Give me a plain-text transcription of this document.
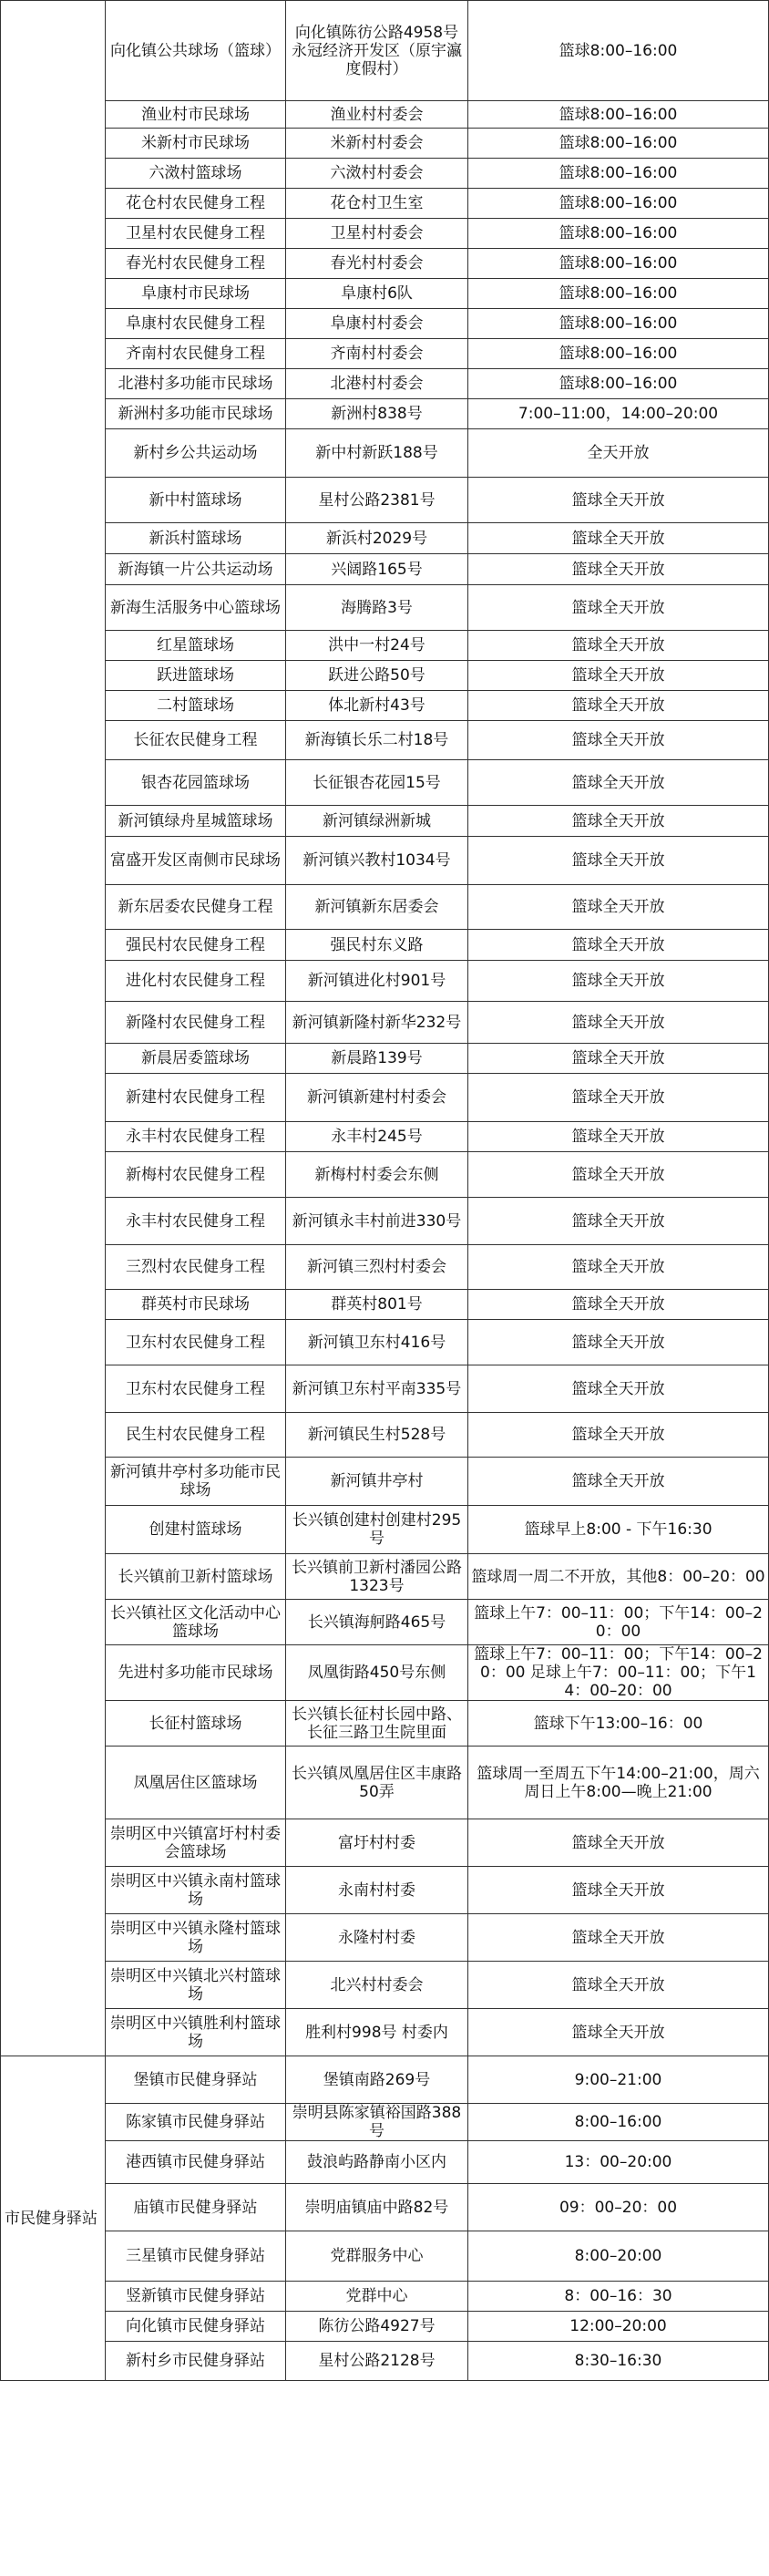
	向化镇公共球场（篮球）	向化镇陈彷公路4958号永冠经济开发区（原宇瀛度假村）	篮球8:00–16:00
	渔业村市民球场	渔业村村委会	篮球8:00–16:00
	米新村市民球场	米新村村委会	篮球8:00–16:00
	六滧村篮球场	六滧村村委会	篮球8:00–16:00
	花仓村农民健身工程	花仓村卫生室	篮球8:00–16:00
	卫星村农民健身工程	卫星村村委会	篮球8:00–16:00
	春光村农民健身工程	春光村村委会	篮球8:00–16:00
	阜康村市民球场	阜康村6队	篮球8:00–16:00
	阜康村农民健身工程	阜康村村委会	篮球8:00–16:00
	齐南村农民健身工程	齐南村村委会	篮球8:00–16:00
	北港村多功能市民球场	北港村村委会	篮球8:00–16:00
	新洲村多功能市民球场	新洲村838号	7:00–11:00，14:00–20:00
	新村乡公共运动场	新中村新跃188号	全天开放
	新中村篮球场	星村公路2381号	篮球全天开放
	新浜村篮球场	新浜村2029号	篮球全天开放
	新海镇一片公共运动场	兴阔路165号	篮球全天开放
	新海生活服务中心篮球场	海腾路3号	篮球全天开放
	红星篮球场	洪中一村24号	篮球全天开放
	跃进篮球场	跃进公路50号	篮球全天开放
	二村篮球场	体北新村43号	篮球全天开放
	长征农民健身工程	新海镇长乐二村18号	篮球全天开放
	银杏花园篮球场	长征银杏花园15号	篮球全天开放
	新河镇绿舟星城篮球场	新河镇绿洲新城	篮球全天开放
	富盛开发区南侧市民球场	新河镇兴教村1034号	篮球全天开放
	新东居委农民健身工程	新河镇新东居委会	篮球全天开放
	强民村农民健身工程	强民村东义路	篮球全天开放
	进化村农民健身工程	新河镇进化村901号	篮球全天开放
	新隆村农民健身工程	新河镇新隆村新华232号	篮球全天开放
	新晨居委篮球场	新晨路139号	篮球全天开放
	新建村农民健身工程	新河镇新建村村委会	篮球全天开放
	永丰村农民健身工程	永丰村245号	篮球全天开放
	新梅村农民健身工程	新梅村村委会东侧	篮球全天开放
	永丰村农民健身工程	新河镇永丰村前进330号	篮球全天开放
	三烈村农民健身工程	新河镇三烈村村委会	篮球全天开放
	群英村市民球场	群英村801号	篮球全天开放
	卫东村农民健身工程	新河镇卫东村416号	篮球全天开放
	卫东村农民健身工程	新河镇卫东村平南335号	篮球全天开放
	民生村农民健身工程	新河镇民生村528号	篮球全天开放
	新河镇井亭村多功能市民球场	新河镇井亭村	篮球全天开放
	创建村篮球场	长兴镇创建村创建村295号	篮球早上8:00 - 下午16:30
	长兴镇前卫新村篮球场	长兴镇前卫新村潘园公路1323号	篮球周一周二不开放，其他8：00–20：00
	长兴镇社区文化活动中心篮球场	长兴镇海舸路465号	篮球上午7：00–11：00；下午14：00–20：00
	先进村多功能市民球场	凤凰街路450号东侧	篮球上午7：00–11：00；下午14：00–20：00 足球上午7：00–11：00；下午14：00–20：00
	长征村篮球场	长兴镇长征村长园中路、长征三路卫生院里面	篮球下午13:00–16：00
	凤凰居住区篮球场	长兴镇凤凰居住区丰康路50弄	篮球周一至周五下午14:00–21:00，周六周日上午8:00—晚上21:00
	崇明区中兴镇富圩村村委会篮球场	富圩村村委	篮球全天开放
	崇明区中兴镇永南村篮球场	永南村村委	篮球全天开放
	崇明区中兴镇永隆村篮球场	永隆村村委	篮球全天开放
	崇明区中兴镇北兴村篮球场	北兴村村委会	篮球全天开放
	崇明区中兴镇胜利村篮球场	胜利村998号 村委内	篮球全天开放
市民健身驿站	堡镇市民健身驿站	堡镇南路269号	9:00–21:00
	陈家镇市民健身驿站	崇明县陈家镇裕国路388号	8:00–16:00
	港西镇市民健身驿站	鼓浪屿路静南小区内	13：00–20:00
	庙镇市民健身驿站	崇明庙镇庙中路82号	09：00–20：00
	三星镇市民健身驿站	党群服务中心	8:00–20:00
	竖新镇市民健身驿站	党群中心	8：00–16：30
	向化镇市民健身驿站	陈彷公路4927号	12:00–20:00
	新村乡市民健身驿站	星村公路2128号	8:30–16:30
